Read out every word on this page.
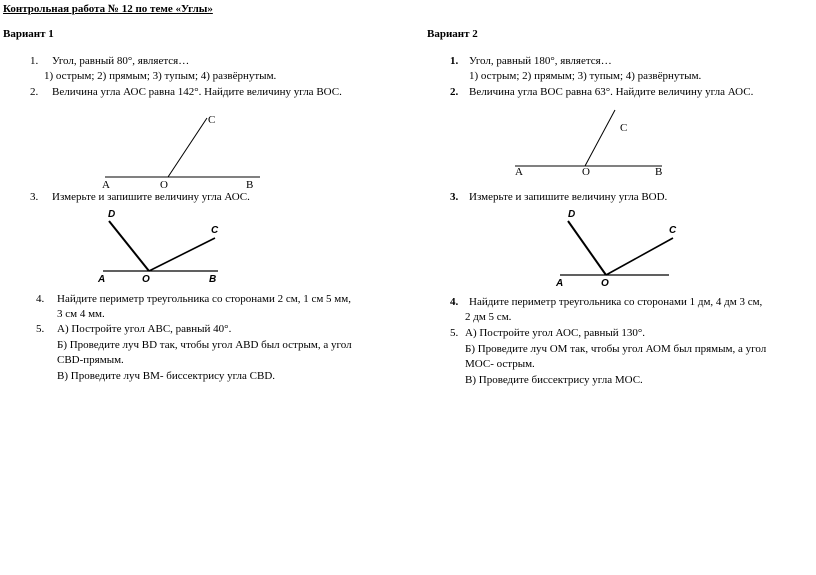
Контрольная работа № 12 по теме «Углы»
Вариант 1
1. Угол, равный 80°, является…
1) острым; 2) прямым; 3) тупым; 4) развёрнутым.
2. Величина угла АОС равна 142°. Найдите величину угла ВОС.
С
А	О	В
3. Измерьте и запишите величину угла АОС.
D
C
A	O	B
4. Найдите периметр треугольника со сторонами 2 см, 1 см 5 мм,
3 см 4 мм.
5. А) Постройте угол АВС, равный 40°.
Б) Проведите луч ВD так, чтобы угол ABD был острым, а угол
CBD-прямым.
В) Проведите луч ВМ- биссектрису угла CBD.
Вариант 2
1. Угол, равный 180°, является…
1) острым; 2) прямым; 3) тупым; 4) развёрнутым.
2. Величина угла ВОС равна 63°. Найдите величину угла АОС.
С
А	О	В
3. Измерьте и запишите величину угла ВОD.
D
C
A	O
4. Найдите периметр треугольника со сторонами 1 дм, 4 дм 3 см,
2 дм 5 см.
5. А) Постройте угол АОС, равный 130°.
Б) Проведите луч ОМ так, чтобы угол АОМ был прямым, а угол
МОС- острым.
В) Проведите биссектрису угла МОС.
